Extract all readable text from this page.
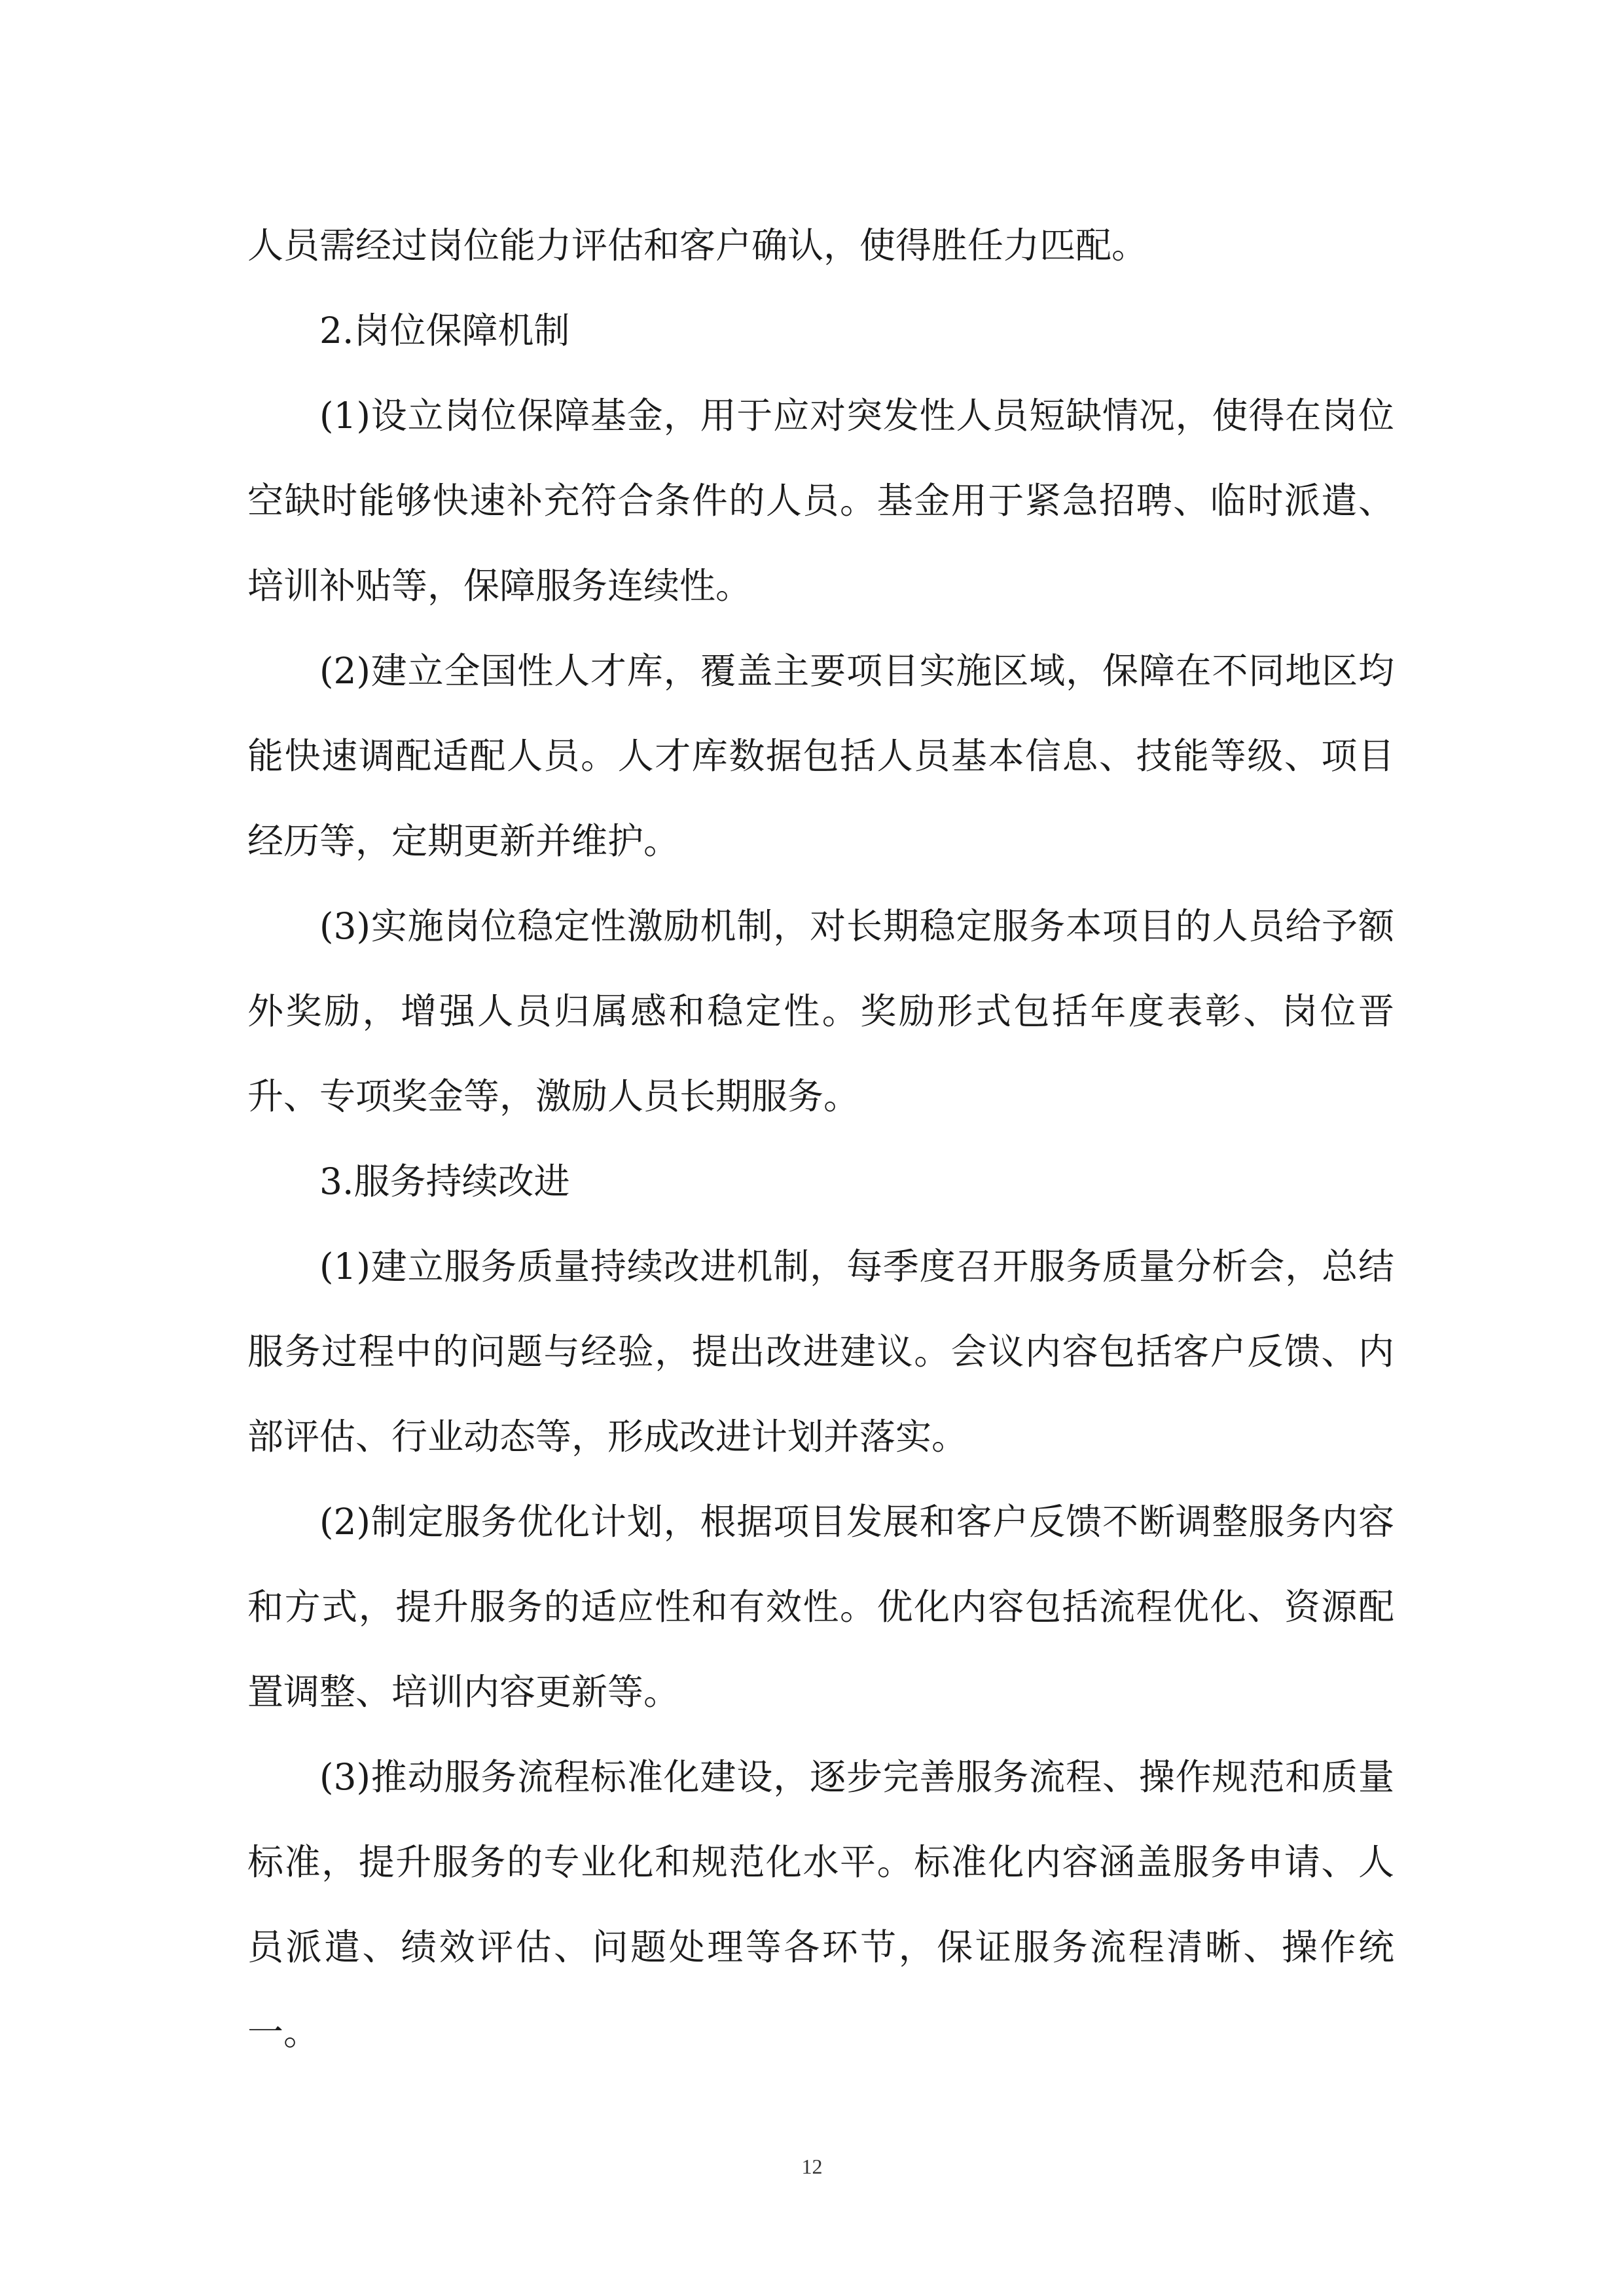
人员需经过岗位能力评估和客户确认，使得胜任力匹配。

2.岗位保障机制

(1)设立岗位保障基金，用于应对突发性人员短缺情况，使得在岗位空缺时能够快速补充符合条件的人员。基金用于紧急招聘、临时派遣、培训补贴等，保障服务连续性。

(2)建立全国性人才库，覆盖主要项目实施区域，保障在不同地区均能快速调配适配人员。人才库数据包括人员基本信息、技能等级、项目经历等，定期更新并维护。

(3)实施岗位稳定性激励机制，对长期稳定服务本项目的人员给予额外奖励，增强人员归属感和稳定性。奖励形式包括年度表彰、岗位晋升、专项奖金等，激励人员长期服务。

3.服务持续改进

(1)建立服务质量持续改进机制，每季度召开服务质量分析会，总结服务过程中的问题与经验，提出改进建议。会议内容包括客户反馈、内部评估、行业动态等，形成改进计划并落实。

(2)制定服务优化计划，根据项目发展和客户反馈不断调整服务内容和方式，提升服务的适应性和有效性。优化内容包括流程优化、资源配置调整、培训内容更新等。

(3)推动服务流程标准化建设，逐步完善服务流程、操作规范和质量标准，提升服务的专业化和规范化水平。标准化内容涵盖服务申请、人员派遣、绩效评估、问题处理等各环节，保证服务流程清晰、操作统一。

12
